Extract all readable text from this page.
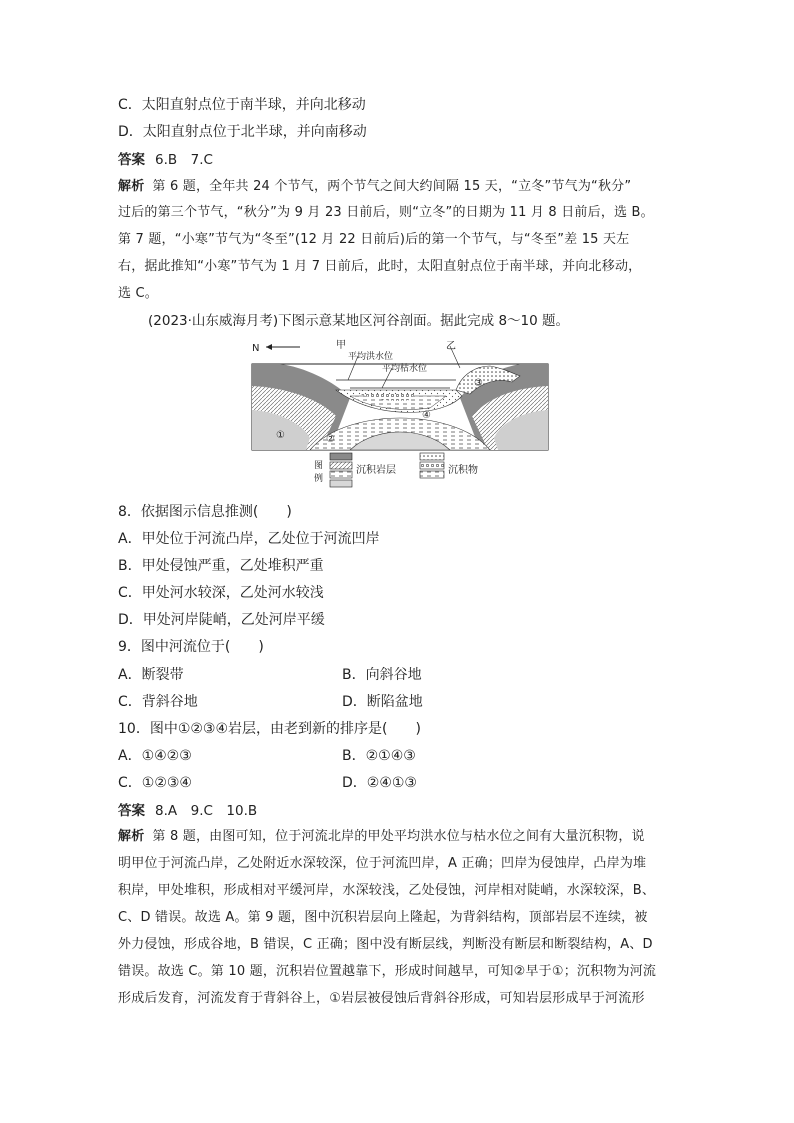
C．太阳直射点位于南半球，并向北移动
D．太阳直射点位于北半球，并向南移动
答案 6.B　7.C
解析 第 6 题，全年共 24 个节气，两个节气之间大约间隔 15 天，“立冬”节气为“秋分”
过后的第三个节气，“秋分”为 9 月 23 日前后，则“立冬”的日期为 11 月 8 日前后，选 B。
第 7 题，“小寒”节气为“冬至”(12 月 22 日前后)后的第一个节气，与“冬至”差 15 天左
右，据此推知“小寒”节气为 1 月 7 日前后，此时，太阳直射点位于南半球，并向北移动，
选 C。
(2023·山东威海月考)下图示意某地区河谷剖面。据此完成 8～10 题。
N	甲	乙
平均洪水位
平均枯水位
①	②
③
④
图
例
沉积岩层	沉积物
8．依据图示信息推测(　　)
A．甲处位于河流凸岸，乙处位于河流凹岸
B．甲处侵蚀严重，乙处堆积严重
C．甲处河水较深，乙处河水较浅
D．甲处河岸陡峭，乙处河岸平缓
9．图中河流位于(　　)
A．断裂带	B．向斜谷地
C．背斜谷地	D．断陷盆地
10．图中①②③④岩层，由老到新的排序是(　　)
A．①④②③	B．②①④③
C．①②③④	D．②④①③
答案 8.A　9.C　10.B
解析 第 8 题，由图可知，位于河流北岸的甲处平均洪水位与枯水位之间有大量沉积物，说
明甲位于河流凸岸，乙处附近水深较深，位于河流凹岸，A 正确；凹岸为侵蚀岸，凸岸为堆
积岸，甲处堆积，形成相对平缓河岸，水深较浅，乙处侵蚀，河岸相对陡峭，水深较深，B、
C、D 错误。故选 A。第 9 题，图中沉积岩层向上隆起，为背斜结构，顶部岩层不连续，被
外力侵蚀，形成谷地，B 错误，C 正确；图中没有断层线，判断没有断层和断裂结构，A、D
错误。故选 C。第 10 题，沉积岩位置越靠下，形成时间越早，可知②早于①；沉积物为河流
形成后发育，河流发育于背斜谷上，①岩层被侵蚀后背斜谷形成，可知岩层形成早于河流形
